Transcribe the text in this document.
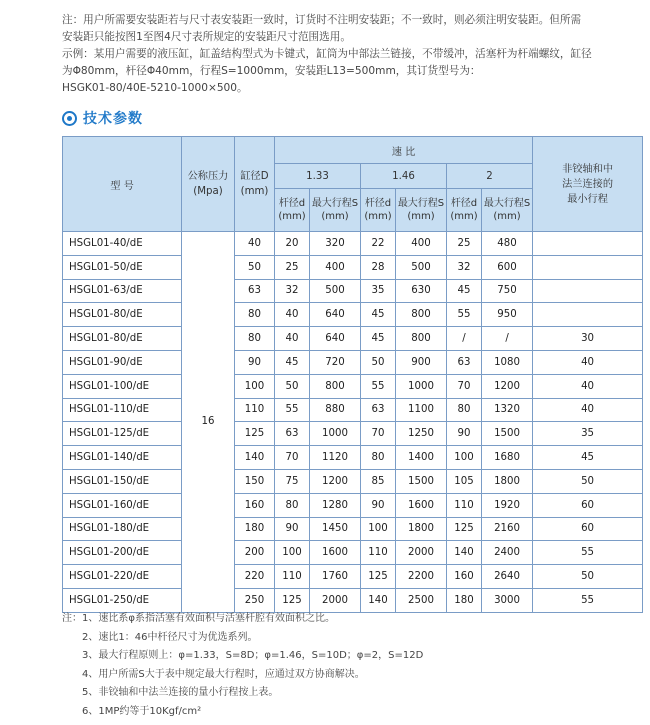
注：用户所需要安装距若与尺寸表安装距一致时，订货时不注明安装距；不一致时，则必须注明安装距。但所需

安装距只能按图1至图4尺寸表所规定的安装距尺寸范围选用。

示例：某用户需要的液压缸，缸盖结构型式为卡键式，缸筒为中部法兰链接，不带缓冲，活塞杆为杆端螺纹，缸径

为Φ80mm，杆径Φ40mm，行程S=1000mm，安装距L13=500mm，其订货型号为：

HSGK01-80/40E-5210-1000×500。

技术参数
型 号	公称压力
(Mpa)	缸径D
(mm)	速 比						非铰轴和中
法兰连接的
最小行程
			1.33		1.46		2		
			杆径d
(mm)	最大行程S
(mm)	杆径d
(mm)	最大行程S
(mm)	杆径d
(mm)	最大行程S
(mm)	
HSGL01-40/dE	16	40	20	320	22	400	25	480	
HSGL01-50/dE		50	25	400	28	500	32	600	
HSGL01-63/dE		63	32	500	35	630	45	750	
HSGL01-80/dE		80	40	640	45	800	55	950	
HSGL01-80/dE		80	40	640	45	800	/	/	30
HSGL01-90/dE		90	45	720	50	900	63	1080	40
HSGL01-100/dE		100	50	800	55	1000	70	1200	40
HSGL01-110/dE		110	55	880	63	1100	80	1320	40
HSGL01-125/dE		125	63	1000	70	1250	90	1500	35
HSGL01-140/dE		140	70	1120	80	1400	100	1680	45
HSGL01-150/dE		150	75	1200	85	1500	105	1800	50
HSGL01-160/dE		160	80	1280	90	1600	110	1920	60
HSGL01-180/dE		180	90	1450	100	1800	125	2160	60
HSGL01-200/dE		200	100	1600	110	2000	140	2400	55
HSGL01-220/dE		220	110	1760	125	2200	160	2640	50
HSGL01-250/dE		250	125	2000	140	2500	180	3000	55
注：1、速比系φ系指活塞有效面积与活塞杆腔有效面积之比。
2、速比1：46中杆径尺寸为优选系列。
3、最大行程原则上：φ=1.33，S=8D；φ=1.46，S=10D；φ=2，S=12D
4、用户所需S大于表中规定最大行程时，应通过双方协商解决。
5、非铰轴和中法兰连接的量小行程按上表。
6、1MP约等于10Kgf/cm²
